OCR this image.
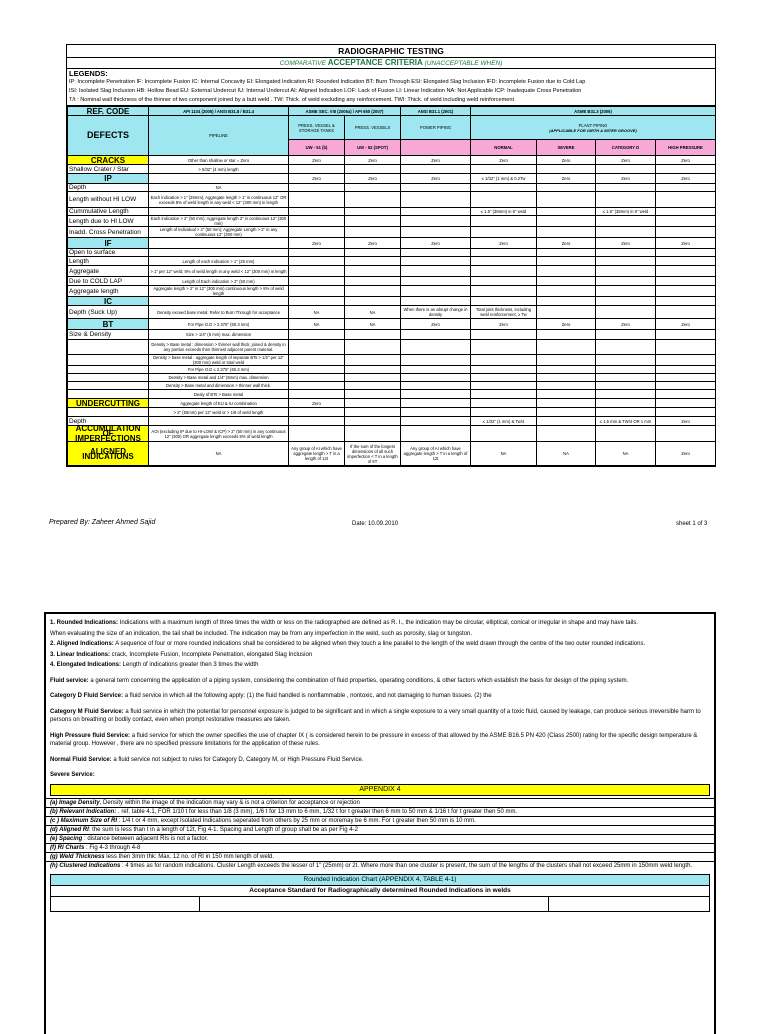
RADIOGRAPHIC TESTING
COMPARATIVE ACCEPTANCE CRITERIA (UNACCEPTABLE WHEN)
LEGENDS:
IP: Incomplete Penetration IF: Incomplete Fusion IC: Internal Concavity EI: Elongated Indication RI: Rounded Indication BT: Burn Through ESI: Elongated Slag Inclusion IFD: Incomplete Fusion due to Cold Lap
ISI: Isolated Slag Inclusion HB: Hollow Bead EU: External Undercut IU: Internal Undercut AI: Aligned Indication LOF: Lack of Fusion LI: Linear Indication NA: Not Applicable ICP: Inadequate Cross Penetration
T/t : Nominal wall thickness of the thinner of two component joined by a butt weld . TW: Thick. of weld excluding any reinforcement. TWI: Thick. of weld including weld reinforcement
REF. CODE	API 1104 (2005) / ANSI B31.8 / B31.4	ASME SEC. VIII (2006a) / API 650 (2007)		ANSI B31.1 (2001)	ASME B31.3 (2006)			
DEFECTS	PIPELINE	PRESS. VESSEL & STORAGE TANKS	PRESS. VESSELS	POWER PIPING	PLANT PIPING
(APPLICABLE FOR GIRTH & MITER GROOVE)			

		UW - 51 (b)	UW - 52 (SPOT)		NORMAL	SEVERE	CATEGORY D	HIGH PRESSURE
CRACKS	Other than shallow or star = Zero	Zero	Zero	Zero	Zero	Zero	Zero	Zero
Shallow Crater / Star	> 5/32" (4 mm) length							
IP		Zero	Zero	Zero	≤ 1/32" (1 mm) & 0.2Tw	Zero	Zero	Zero
Depth	NA							
Length without HI LOW	Each indication > 1" (25mm); Aggregate length > 1" in continuous 12" OR exceeds 8% of weld length in any weld < 12" (300 mm) in length							
Cummulative Length					≤ 1.5" (38mm) in 6" weld		≤ 1.5" (38mm) in 6" weld	
Length due to HI LOW	Each indication > 2" (50 mm); Aggregate length 3" in continuous 12" (300 mm)							
Inadd. Cross Penetration	Length of individual > 2" (50 mm); Aggregate Length > 2" in any continuous 12" (300 mm)							
IF		Zero	Zero	Zero	Zero	Zero	Zero	Zero
Open to surface								
Length	Length of each indication > 1" (25 mm)							
Aggregate	> 1" per 12" weld; 8% of weld length in any weld < 12" (300 mm) in length							
Due to COLD LAP	Length of Each indication > 2" (50 mm)							
Aggregate length	Aggregate length > 2" in 12" (300 mm) continuous length > 8% of weld length							
IC								
Depth (Suck Up)	Density exceed base metal; Refer to Burn Through for acceptance	NA	NA	When there is an abrupt change in density	Total joint thickness, including weld reinforcement, ≥ Tw			
BT	For Pipe O.D > 2.375" (60.3 mm)	NA	NA	Zero	Zero	Zero	Zero	Zero
Size & Density	Size > 1/4" (6 mm) max. dimension							
	Density > Base metal : dimension > thinner wall thick; joined & density in any portion exceeds then thinnest adjacent parent material.							
	Density > base metal : aggregate length of separate BTs > 1/2" per 12" (300 mm) weld or total weld							
	For Pipe O.D ≤ 2.375" (60.3 mm)							
	Density > Base metal and 1/4" (6mm) max. dimension							
	Density > Base metal and dimension > thinner wall thick.							
	Dealy of BTs > Base metal							
UNDERCUTTING	Aggregate length of EU & IU combination	Zero						
	> 2" (50mm) per 12" weld or > 1/6 of weld length							
Depth					≤ 1/32" (1 mm) & Tw/4		≤ 1.5 mm & TW/4 OR 1 mm	Zero
ACCUMULATION OF IMPERFECTIONS	AOI (excluding IP due to HI-LOW & ICP) > 2" (50 mm) in any continuous 12" (300) OR aggregate length exceeds 8% of weld length							
ALIGNED INDICATIONS	NA	Any group of AI which have aggregate length > T in a length of 12t	If the sum of the longest dimensions of all such imperfection < T in a length of 6T	Any group of AI which have aggregate length > T in a length of 12t	NA	NA	NA	Zero
Prepared By: Zaheer Ahmed Sajid	Date: 10.09.2010	sheet 1 of 3
1. Rounded Indications: Indications with a maximum length of three times the width or less on the radiographed are defined as R. I., the indication may be circular, elliptical, conical or irregular in shape and may have tails.
When evaluating the size of an indication, the tail shall be included. The indication may be from any imperfection in the weld, such as porosity, slag or tungston.
2. Aligned Indications: A sequence of four or more rounded indications shall be considered to be aligned when they touch a line parallel to the length of the weld drawn through the centre of the two outer rounded indications.
3. Linear Indications: crack, Incomplete Fusion, Incomplete Penetration, elongated Slag Inclusion
4. Elongated Indications: Length of indications greater then 3 times the width
Fluid service: a general term concerning the application of a piping system, considering the combination of fluid properties, operating conditions, & other factors which establish the basis for design of the piping system.
Category D Fluid Service: a fluid service in which all the following apply: (1) the fluid handled is nonflammable , nontoxic, and not damaging to human tissues. (2) the
Category M Fluid Service: a fluid service in which the potential for personnel exposure is judged to be significant and in which a single exposure to a very small quantity of a toxic fluid, caused by leakage, can produce serious irreversible harm to persons on breathing or bodily contact, even when prompt restorative measures are taken.
High Pressure fluid Service: a fluid service for which the owner specifies the use of chapter IX ( is considered herein to be pressure in excess of that allowed by the ASME B16.5 PN 420 (Class 2500) rating for the specific design temperature & material group. However , there are no specified pressure limitations for the application of these rules.
Normal Fluid Service: a fluid service not subject to rules for Category D, Category M, or High Pressure Fluid Service.
Severe Service:
APPENDIX 4
(a) Image Density, Density within the image of the indication may vary & is not a criterion for acceptance or rejection
(b) Relevant Indication: . ref. table 4.1, FOR 1/10 t for less than 1/8 (3 mm), 1/6 t for 13 mm to 6 mm, 1/32 t for t greater then 6 mm to 50 mm & 1/16 t for t greater then 50 mm.
(c ) Maximum Size of RI : 1/4 t or 4 mm, except Isolated Indications seperated from others by 25 mm or moremay be 6 mm. For t greater then 50 mm is 10 mm.
(d) Aligned RI: the sum is less than t in a length of 12t, Fig 4-1. Spacing and Length of group shall be as per Fig 4-2
(e) Spacing : distance between adjacent RIs is not a factor.
(f) RI Charts : Fig 4-3 through 4-8
(g) Weld Thickness less then 3mm thk: Max. 12 no. of RI in 150 mm length of weld.
(h) Clustered Indications : 4 times as for random indications. Cluster Length exceeds the lesser of 1" (25mm) or 2t. Where more than one cluster is present, the sum of the lengths of the clusters shall not exceed 25mm in 150mm weld length.
Rounded Indication Chart (APPENDIX 4, TABLE 4-1)
Acceptance Standard for Radiographically determined Rounded Indications in welds
